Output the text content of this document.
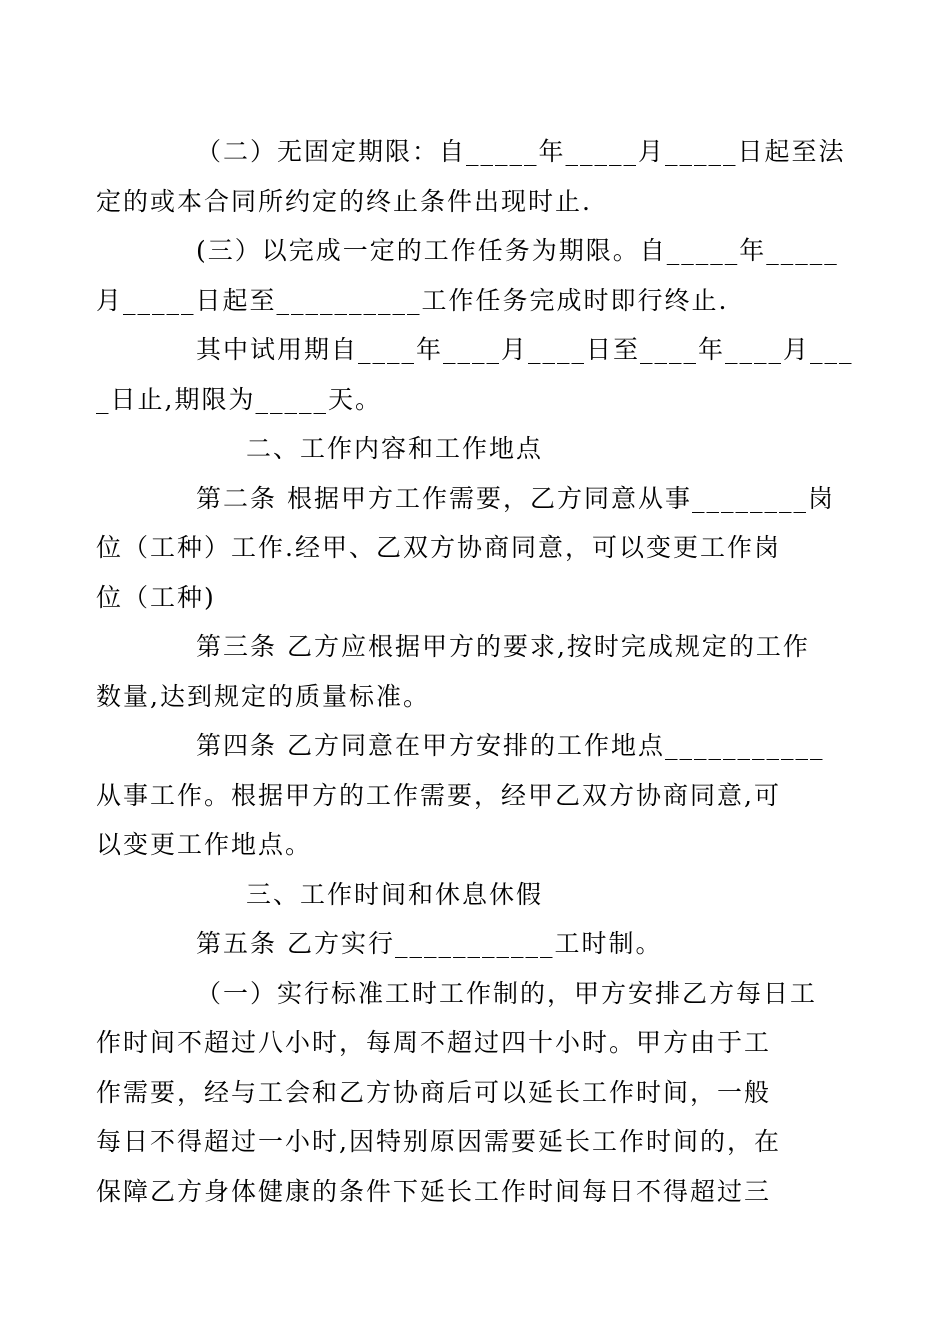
（二）无固定期限：自_____年_____月_____日起至法
定的或本合同所约定的终止条件出现时止.
(三）以完成一定的工作任务为期限。自_____年_____
月_____日起至__________工作任务完成时即行终止.
其中试用期自____年____月____日至____年____月___
_日止,期限为_____天。
二、工作内容和工作地点
第二条 根据甲方工作需要，乙方同意从事________岗
位（工种）工作.经甲、乙双方协商同意，可以变更工作岗
位（工种)
第三条 乙方应根据甲方的要求,按时完成规定的工作
数量,达到规定的质量标准。
第四条 乙方同意在甲方安排的工作地点___________
从事工作。根据甲方的工作需要，经甲乙双方协商同意,可
以变更工作地点。
三、工作时间和休息休假
第五条 乙方实行___________工时制。
（一）实行标准工时工作制的，甲方安排乙方每日工
作时间不超过八小时，每周不超过四十小时。甲方由于工
作需要，经与工会和乙方协商后可以延长工作时间，一般
每日不得超过一小时,因特别原因需要延长工作时间的，在
保障乙方身体健康的条件下延长工作时间每日不得超过三
